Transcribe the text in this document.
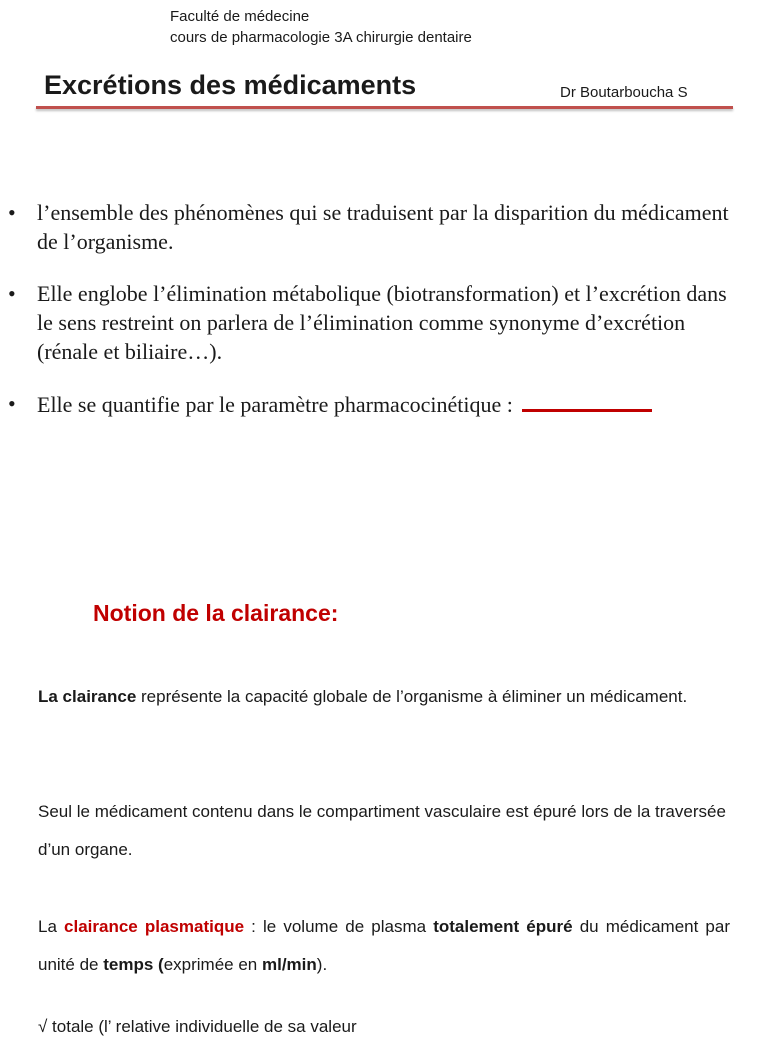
Faculté de médecine
cours de pharmacologie 3A chirurgie dentaire
Excrétions des médicaments	Dr Boutarboucha S
• l’ensemble des phénomènes qui se traduisent par la disparition du médicament de l’organisme.
• Elle englobe l’élimination métabolique (biotransformation) et l’excrétion dans le sens restreint on parlera de l’élimination comme synonyme d’excrétion (rénale et biliaire…).
• Elle se quantifie par le paramètre pharmacocinétique :
Notion de la clairance:
La clairance représente la capacité globale de l’organisme à éliminer un médicament.
Seul le médicament contenu dans le compartiment vasculaire est épuré lors de la traversée d’un organe.
La clairance plasmatique : le volume de plasma totalement épuré du médicament par unité de temps (exprimée en ml/min).
√ totale (l’ relative individuelle de sa valeur
